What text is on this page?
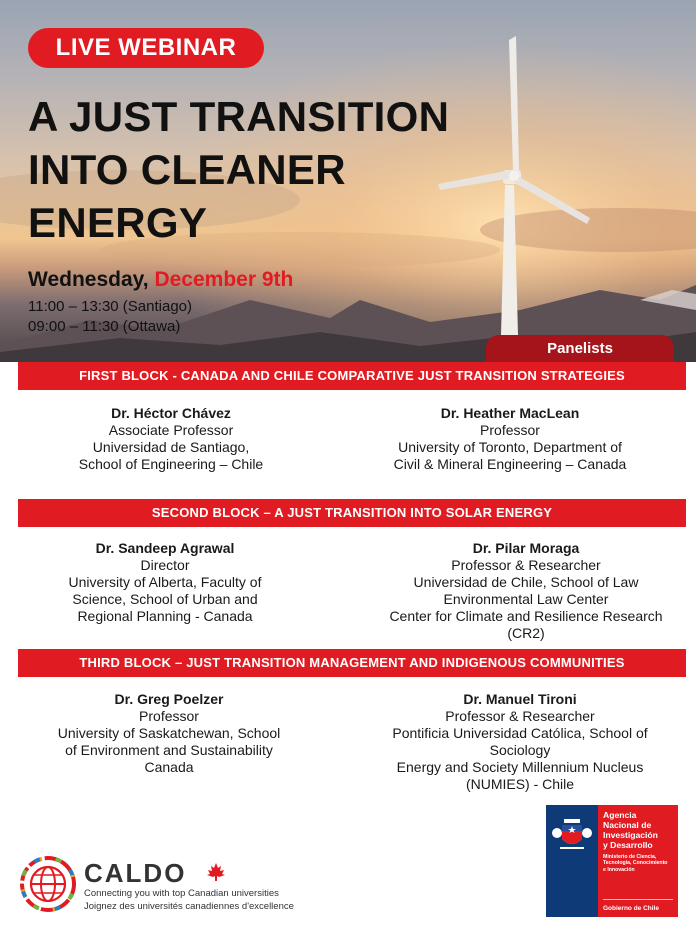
LIVE WEBINAR
A JUST TRANSITION
INTO CLEANER
ENERGY
Wednesday, December 9th
11:00 – 13:30 (Santiago)
09:00 – 11:30 (Ottawa)
Panelists
FIRST BLOCK - CANADA AND CHILE COMPARATIVE JUST TRANSITION STRATEGIES
Dr. Héctor Chávez
Associate Professor
Universidad de Santiago,
School of Engineering – Chile
Dr. Heather MacLean
Professor
University of Toronto, Department of
Civil & Mineral Engineering – Canada
SECOND BLOCK – A JUST TRANSITION INTO SOLAR ENERGY
Dr. Sandeep Agrawal
Director
University of Alberta, Faculty of
Science, School of Urban and
Regional Planning - Canada
Dr. Pilar Moraga
Professor & Researcher
Universidad de Chile, School of Law
Environmental Law Center
Center for Climate and Resilience Research
(CR2)
THIRD BLOCK – JUST TRANSITION MANAGEMENT AND INDIGENOUS COMMUNITIES
Dr. Greg Poelzer
Professor
University of Saskatchewan, School
of Environment and Sustainability
Canada
Dr. Manuel Tironi
Professor & Researcher
Pontificia Universidad Católica, School of
Sociology
Energy and Society Millennium Nucleus
(NUMIES) - Chile
CALDO
Connecting you with top Canadian universities
Joignez des universités canadiennes d'excellence
Agencia
Nacional de
Investigación
y Desarrollo
Ministerio de Ciencia,
Tecnología, Conocimiento
e Innovación
Gobierno de Chile
